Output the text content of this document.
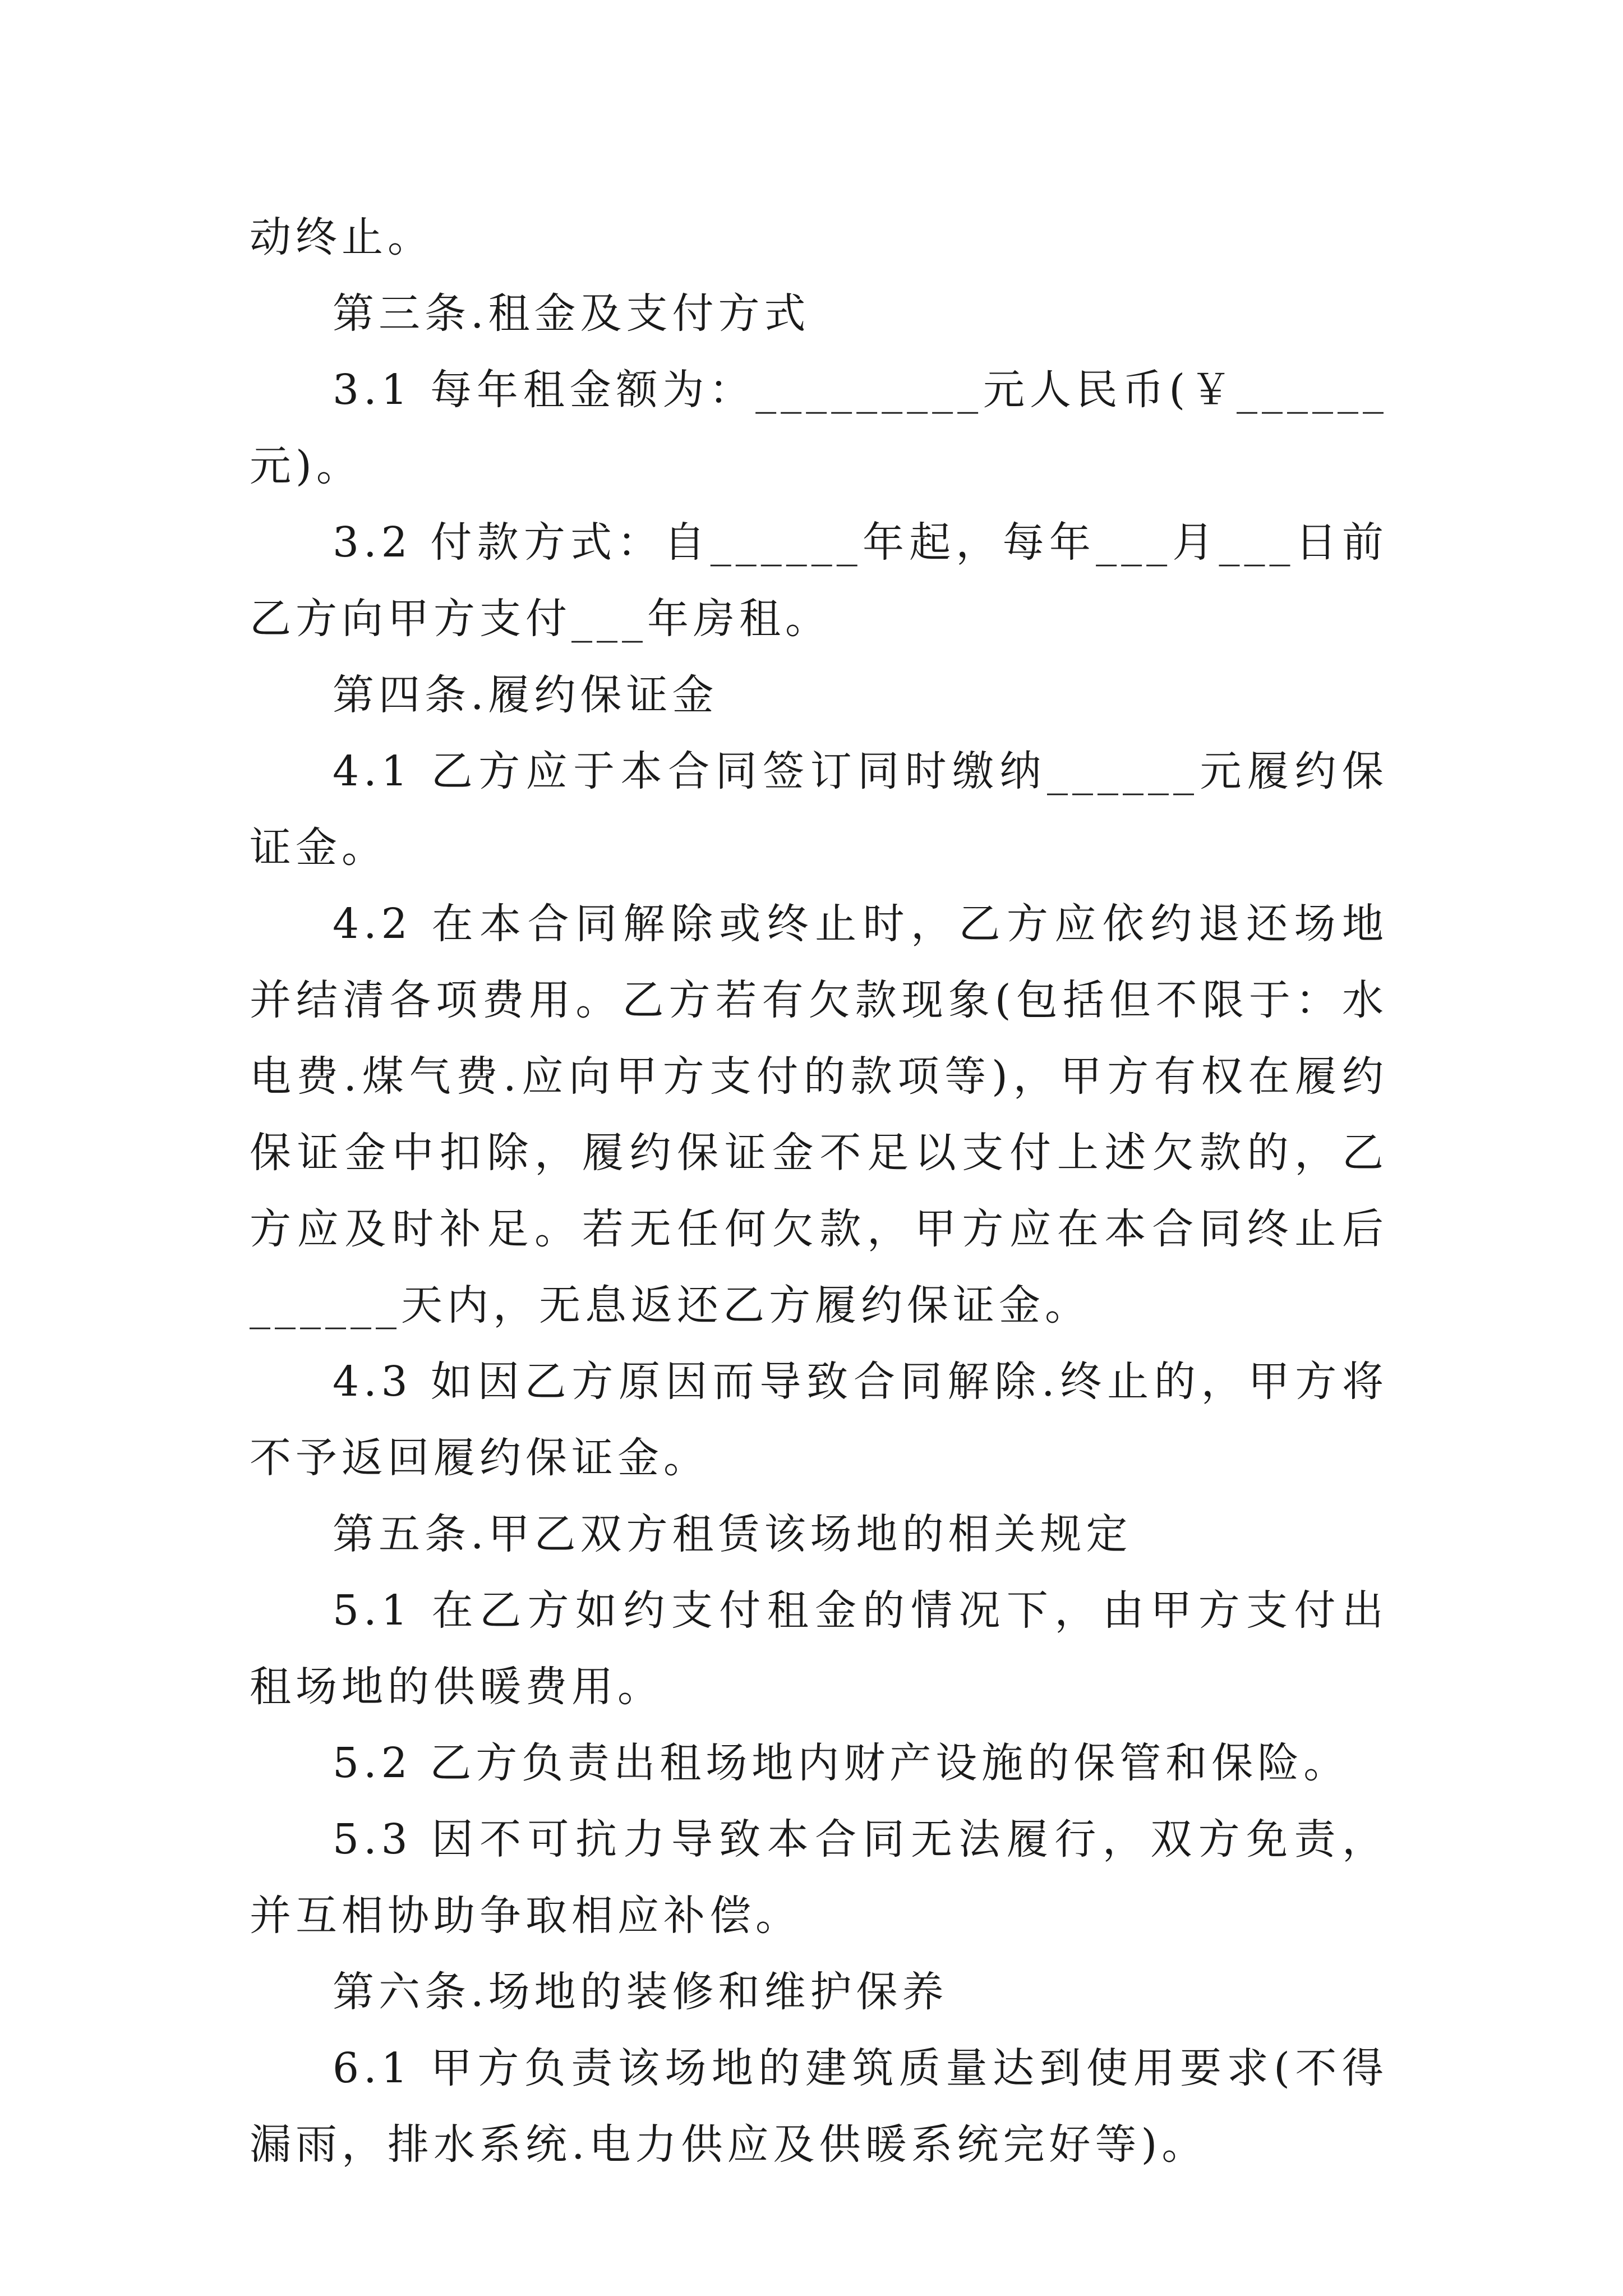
动终止。

第三条.租金及支付方式

3.1 每年租金额为：_________元人民币(￥______元)。

3.2 付款方式：自______年起，每年___月___日前乙方向甲方支付___年房租。

第四条.履约保证金

4.1 乙方应于本合同签订同时缴纳______元履约保证金。

4.2 在本合同解除或终止时，乙方应依约退还场地并结清各项费用。乙方若有欠款现象(包括但不限于：水电费.煤气费.应向甲方支付的款项等)，甲方有权在履约保证金中扣除，履约保证金不足以支付上述欠款的，乙方应及时补足。若无任何欠款，甲方应在本合同终止后______天内，无息返还乙方履约保证金。

4.3 如因乙方原因而导致合同解除.终止的，甲方将不予返回履约保证金。

第五条.甲乙双方租赁该场地的相关规定

5.1 在乙方如约支付租金的情况下，由甲方支付出租场地的供暖费用。

5.2 乙方负责出租场地内财产设施的保管和保险。

5.3 因不可抗力导致本合同无法履行，双方免责，并互相协助争取相应补偿。

第六条.场地的装修和维护保养

6.1 甲方负责该场地的建筑质量达到使用要求(不得漏雨，排水系统.电力供应及供暖系统完好等)。
